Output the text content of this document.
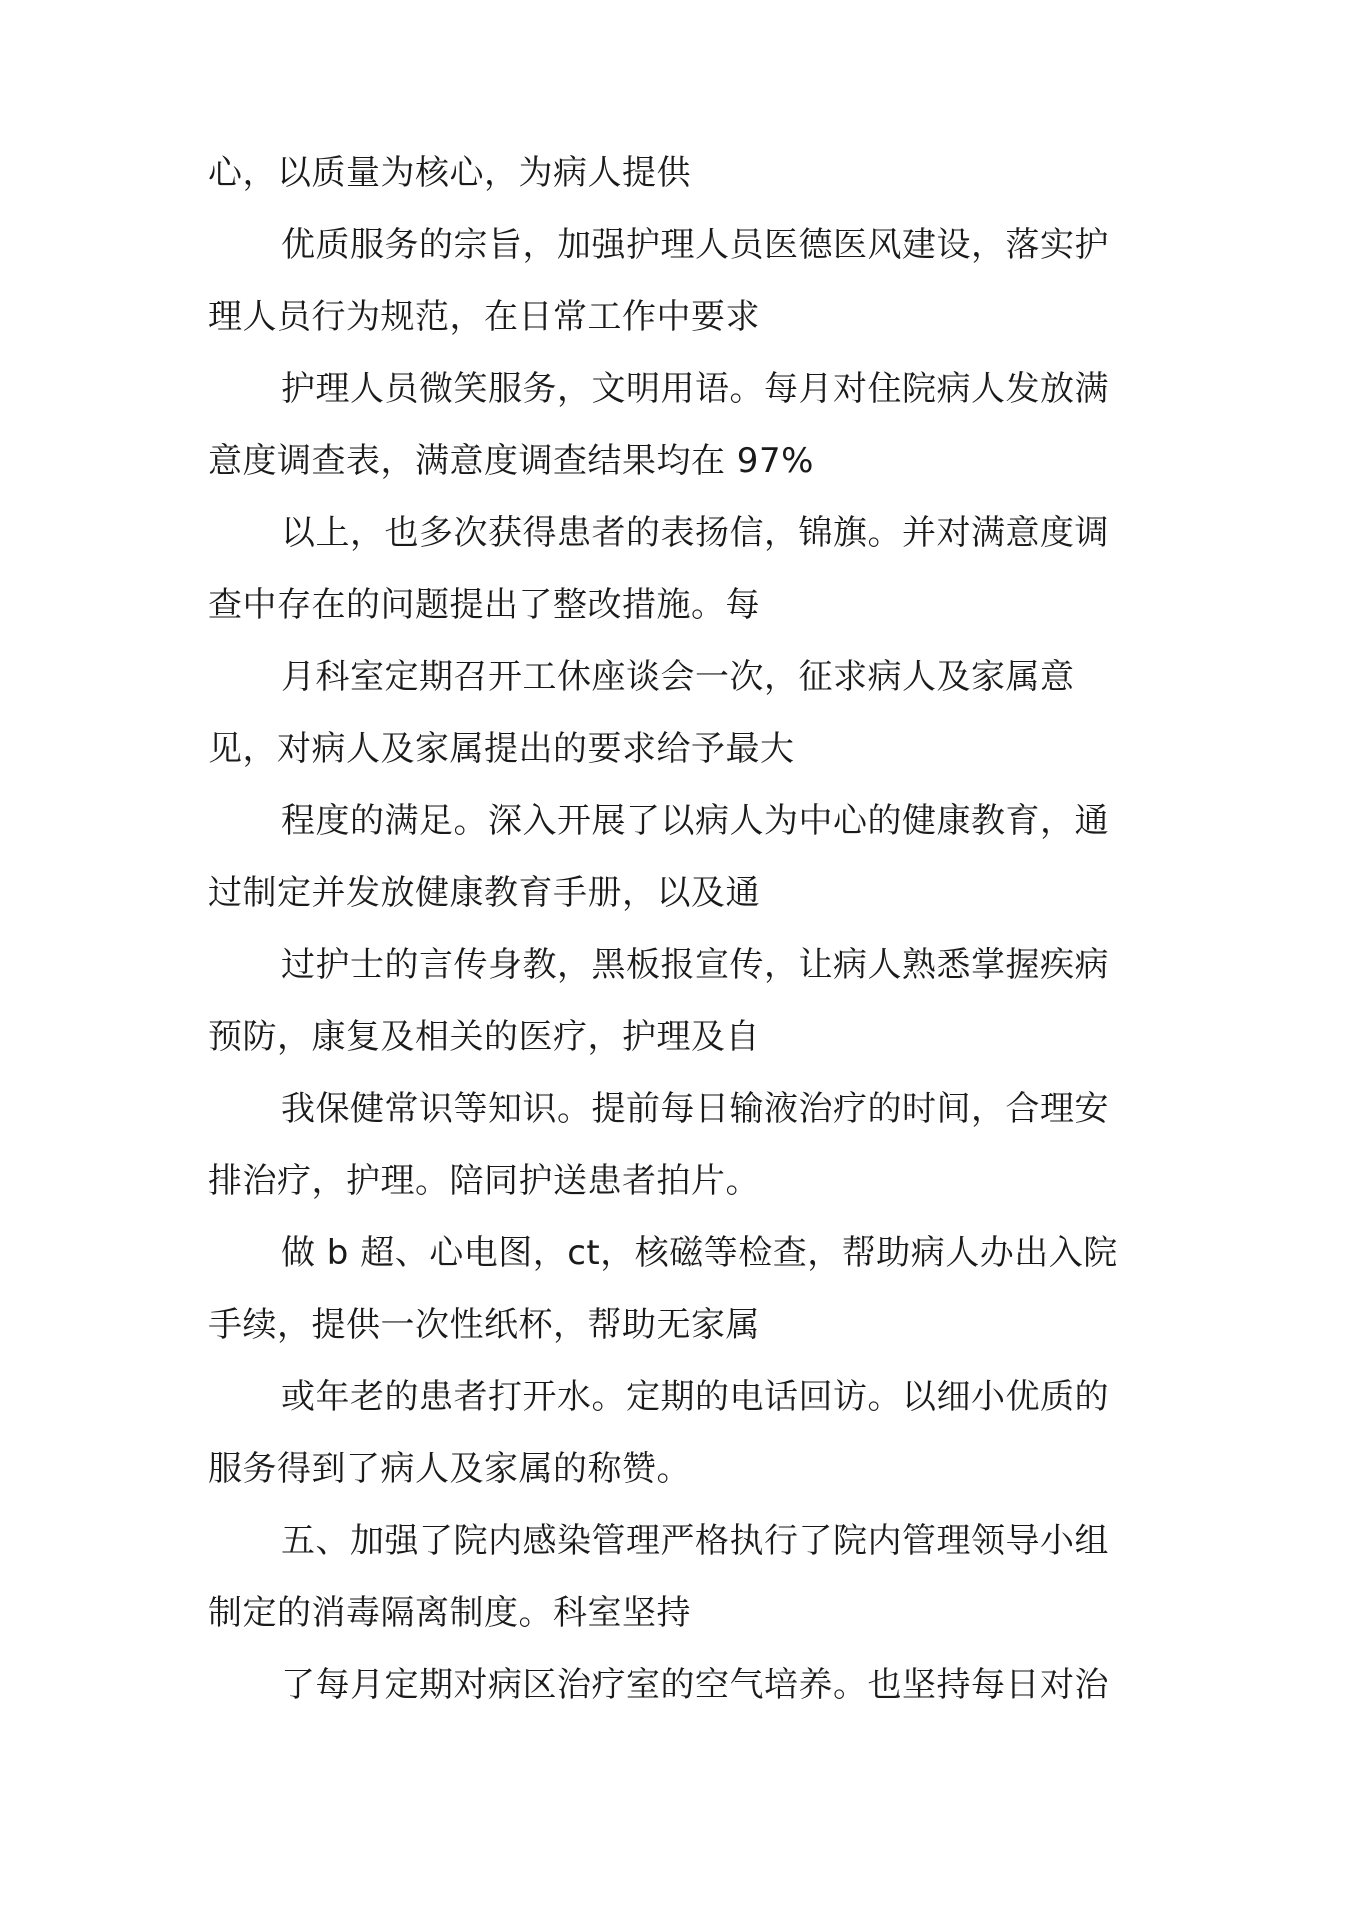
心，以质量为核心，为病人提供
优质服务的宗旨，加强护理人员医德医风建设，落实护
理人员行为规范，在日常工作中要求
护理人员微笑服务，文明用语。每月对住院病人发放满
意度调查表，满意度调查结果均在 97%
以上，也多次获得患者的表扬信，锦旗。并对满意度调
查中存在的问题提出了整改措施。每
月科室定期召开工休座谈会一次，征求病人及家属意
见，对病人及家属提出的要求给予最大
程度的满足。深入开展了以病人为中心的健康教育，通
过制定并发放健康教育手册，以及通
过护士的言传身教，黑板报宣传，让病人熟悉掌握疾病
预防，康复及相关的医疗，护理及自
我保健常识等知识。提前每日输液治疗的时间，合理安
排治疗，护理。陪同护送患者拍片。
做 b 超、心电图，ct，核磁等检查，帮助病人办出入院
手续，提供一次性纸杯，帮助无家属
或年老的患者打开水。定期的电话回访。以细小优质的
服务得到了病人及家属的称赞。
五、加强了院内感染管理严格执行了院内管理领导小组
制定的消毒隔离制度。科室坚持
了每月定期对病区治疗室的空气培养。也坚持每日对治
